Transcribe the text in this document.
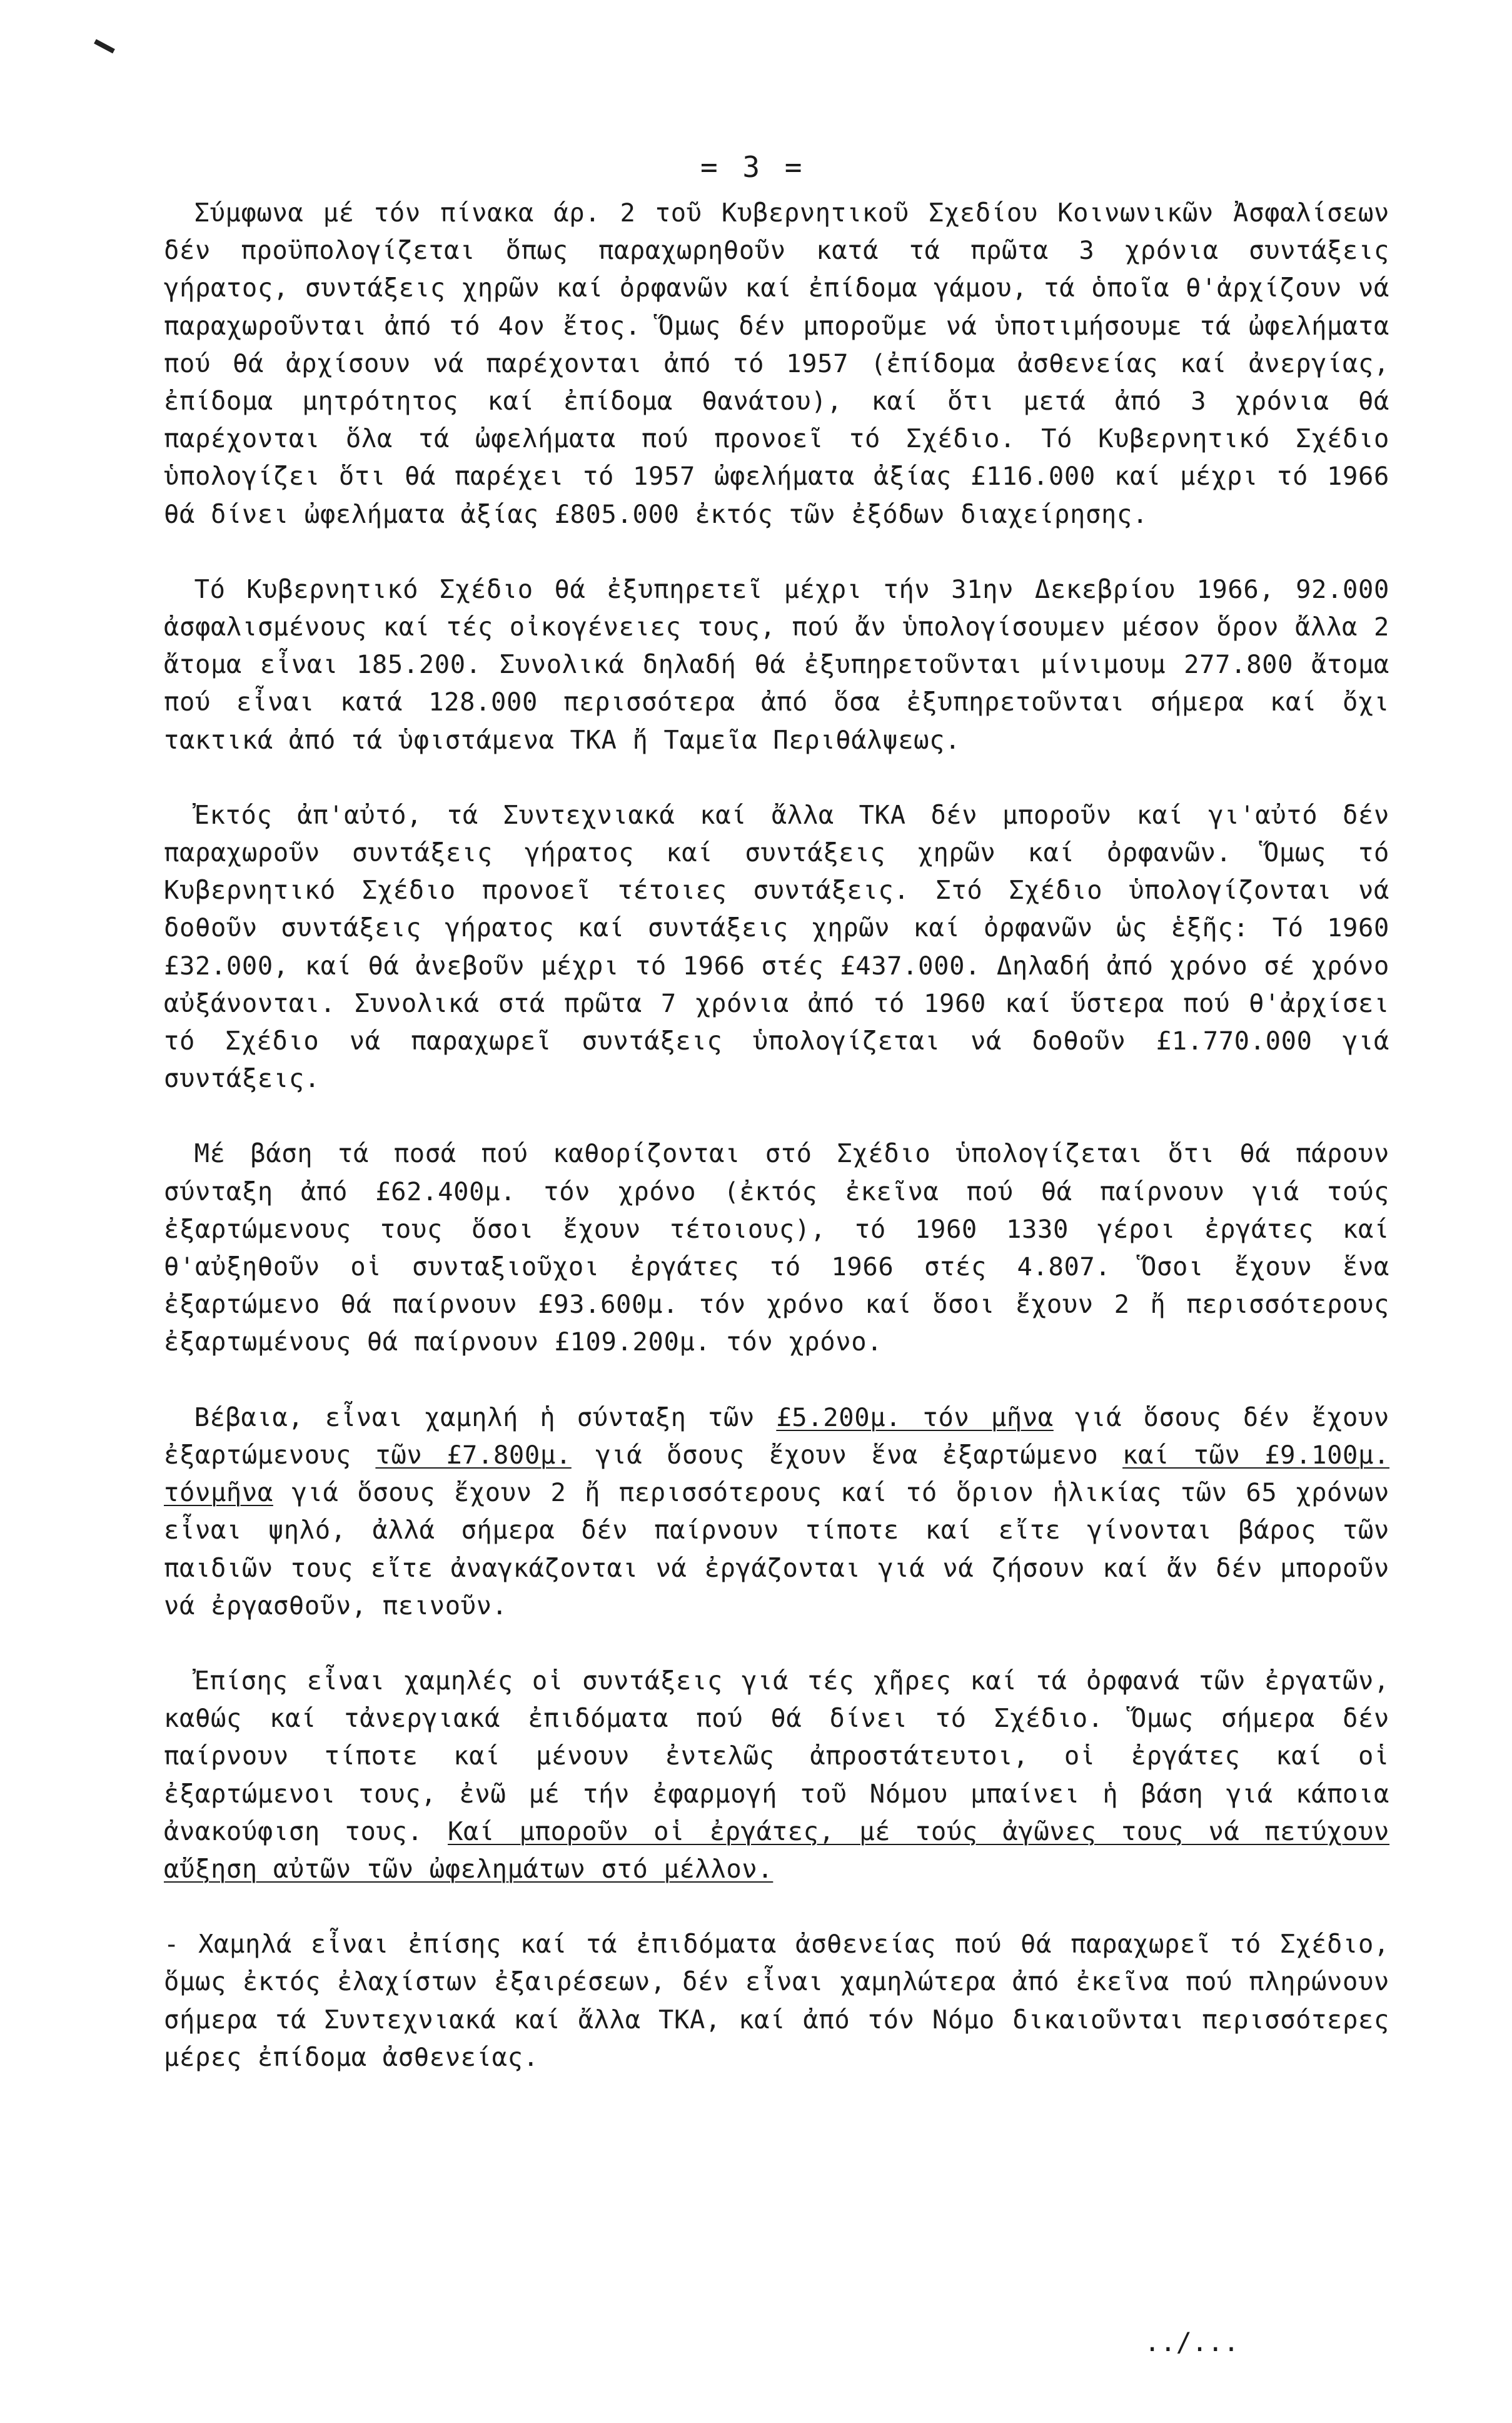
= 3 =

Σύμφωνα μέ τόν πίνακα άρ. 2 τοῦ Κυβερνητικοῦ Σχεδίου Κοινωνικῶν Ἀσφαλίσεων δέν προϋπολογίζεται ὅπως παραχωρηθοῦν κατά τά πρῶτα 3 χρόνια συντάξεις γήρατος, συντάξεις χηρῶν καί ὀρφανῶν καί ἐπίδομα γάμου, τά ὁποῖα θ'ἀρχίζουν νά παραχωροῦνται ἀπό τό 4ον ἔτος. Ὅμως δέν μποροῦμε νά ὑποτιμήσουμε τά ὠφελήματα πού θά ἀρχίσουν νά παρέχονται ἀπό τό 1957 (ἐπίδομα ἀσθενείας καί ἀνεργίας, ἐπίδομα μητρότητος καί ἐπίδομα θανάτου), καί ὅτι μετά ἀπό 3 χρόνια θά παρέχονται ὅλα τά ὠφελήματα πού προνοεῖ τό Σχέδιο. Τό Κυβερνητικό Σχέδιο ὑπολογίζει ὅτι θά παρέχει τό 1957 ὠφελήματα ἀξίας £116.000 καί μέχρι τό 1966 θά δίνει ὠφελήματα ἀξίας £805.000 ἐκτός τῶν ἐξόδων διαχείρησης.

Τό Κυβερνητικό Σχέδιο θά ἐξυπηρετεῖ μέχρι τήν 31ην Δεκεβρίου 1966, 92.000 ἀσφαλισμένους καί τές οἰκογένειες τους, πού ἄν ὑπολογίσουμεν μέσον ὅρον ἄλλα 2 ἄτομα εἶναι 185.200. Συνολικά δηλαδή θά ἐξυπηρετοῦνται μίνιμουμ 277.800 ἄτομα πού εἶναι κατά 128.000 περισσότερα ἀπό ὅσα ἐξυπηρετοῦνται σήμερα καί ὄχι τακτικά ἀπό τά ὑφιστάμενα ΤΚΑ ἤ Ταμεῖα Περιθάλψεως.

Ἐκτός ἀπ'αὐτό, τά Συντεχνιακά καί ἄλλα ΤΚΑ δέν μποροῦν καί γι'αὐτό δέν παραχωροῦν συντάξεις γήρατος καί συντάξεις χηρῶν καί ὀρφανῶν. Ὅμως τό Κυβερνητικό Σχέδιο προνοεῖ τέτοιες συντάξεις. Στό Σχέδιο ὑπολογίζονται νά δοθοῦν συντάξεις γήρατος καί συντάξεις χηρῶν καί ὀρφανῶν ὡς ἑξῆς: Τό 1960 £32.000, καί θά ἀνεβοῦν μέχρι τό 1966 στές £437.000. Δηλαδή ἀπό χρόνο σέ χρόνο αὐξάνονται. Συνολικά στά πρῶτα 7 χρόνια ἀπό τό 1960 καί ὕστερα πού θ'ἀρχίσει τό Σχέδιο νά παραχωρεῖ συντάξεις ὑπολογίζεται νά δοθοῦν £1.770.000 γιά συντάξεις.

Μέ βάση τά ποσά πού καθορίζονται στό Σχέδιο ὑπολογίζεται ὅτι θά πάρουν σύνταξη ἀπό £62.400μ. τόν χρόνο (ἐκτός ἐκεῖνα πού θά παίρνουν γιά τούς ἐξαρτώμενους τους ὅσοι ἔχουν τέτοιους), τό 1960 1330 γέροι ἐργάτες καί θ'αὐξηθοῦν οἱ συνταξιοῦχοι ἐργάτες τό 1966 στές 4.807. Ὅσοι ἔχουν ἕνα ἐξαρτώμενο θά παίρνουν £93.600μ. τόν χρόνο καί ὅσοι ἔχουν 2 ἤ περισσότερους ἐξαρτωμένους θά παίρνουν £109.200μ. τόν χρόνο.

Βέβαια, εἶναι χαμηλή ἡ σύνταξη τῶν £5.200μ. τόν μῆνα γιά ὅσους δέν ἔχουν ἐξαρτώμενους τῶν £7.800μ. γιά ὅσους ἔχουν ἕνα ἐξαρτώμενο καί τῶν £9.100μ. τόνμῆνα γιά ὅσους ἔχουν 2 ἤ περισσότερους καί τό ὅριον ἡλικίας τῶν 65 χρόνων εἶναι ψηλό, ἀλλά σήμερα δέν παίρνουν τίποτε καί εἴτε γίνονται βάρος τῶν παιδιῶν τους εἴτε ἀναγκάζονται νά ἐργάζονται γιά νά ζήσουν καί ἄν δέν μποροῦν νά ἐργασθοῦν, πεινοῦν.

Ἐπίσης εἶναι χαμηλές οἱ συντάξεις γιά τές χῆρες καί τά ὀρφανά τῶν ἐργατῶν, καθώς καί τἀνεργιακά ἐπιδόματα πού θά δίνει τό Σχέδιο. Ὅμως σήμερα δέν παίρνουν τίποτε καί μένουν ἐντελῶς ἀπροστάτευτοι, οἱ ἐργάτες καί οἱ ἐξαρτώμενοι τους, ἐνῶ μέ τήν ἐφαρμογή τοῦ Νόμου μπαίνει ἡ βάση γιά κάποια ἀνακούφιση τους. Καί μποροῦν οἱ ἐργάτες, μέ τούς ἀγῶνες τους νά πετύχουν αὔξηση αὐτῶν τῶν ὠφελημάτων στό μέλλον.

- Χαμηλά εἶναι ἐπίσης καί τά ἐπιδόματα ἀσθενείας πού θά παραχωρεῖ τό Σχέδιο, ὅμως ἐκτός ἐλαχίστων ἐξαιρέσεων, δέν εἶναι χαμηλώτερα ἀπό ἐκεῖνα πού πληρώνουν σήμερα τά Συντεχνιακά καί ἄλλα ΤΚΑ, καί ἀπό τόν Νόμο δικαιοῦνται περισσότερες μέρες ἐπίδομα ἀσθενείας.

../...
